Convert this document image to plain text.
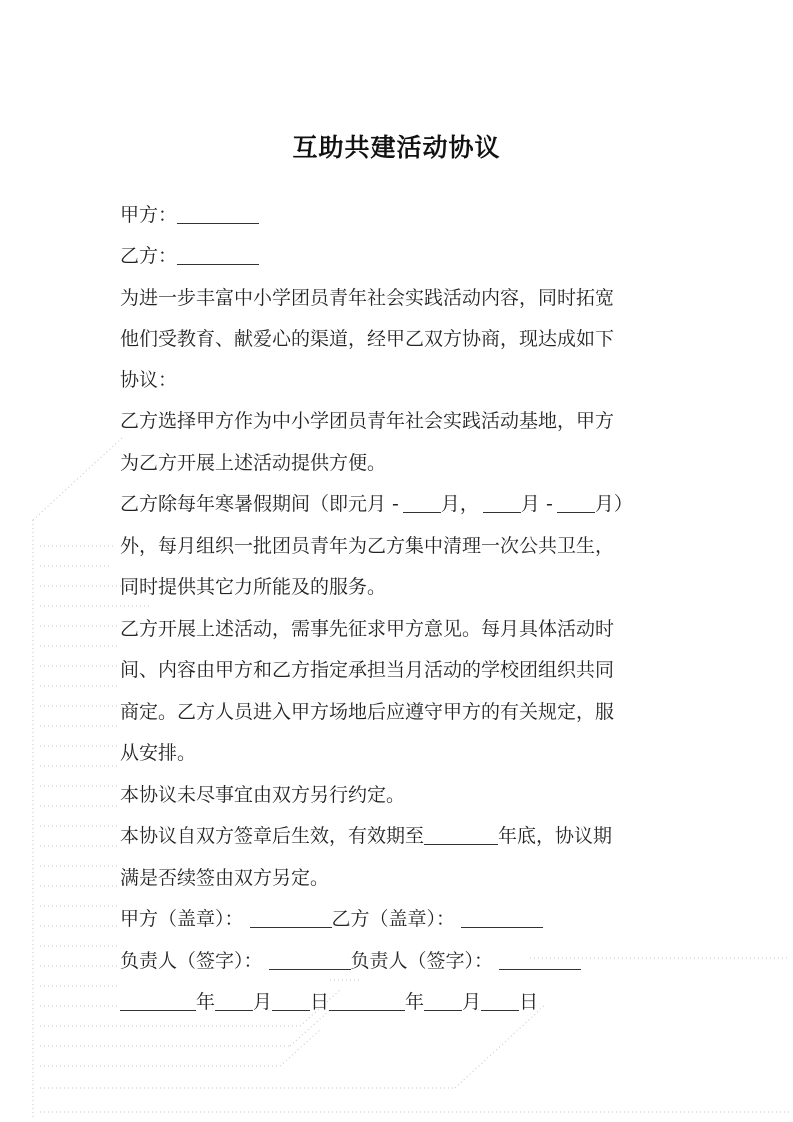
互助共建活动协议
甲方：
乙方：
为进一步丰富中小学团员青年社会实践活动内容，同时拓宽
他们受教育、献爱心的渠道，经甲乙双方协商，现达成如下
协议：
乙方选择甲方作为中小学团员青年社会实践活动基地，甲方
为乙方开展上述活动提供方便。
乙方除每年寒暑假期间（即元月 - 月， 月 - 月）
外，每月组织一批团员青年为乙方集中清理一次公共卫生，
同时提供其它力所能及的服务。
乙方开展上述活动，需事先征求甲方意见。每月具体活动时
间、内容由甲方和乙方指定承担当月活动的学校团组织共同
商定。乙方人员进入甲方场地后应遵守甲方的有关规定，服
从安排。
本协议未尽事宜由双方另行约定。
本协议自双方签章后生效，有效期至	年底，协议期
满是否续签由双方另定。
甲方（盖章）：	乙方（盖章）：
负责人（签字）：	负责人（签字）：
年 月 日	年 月 日
